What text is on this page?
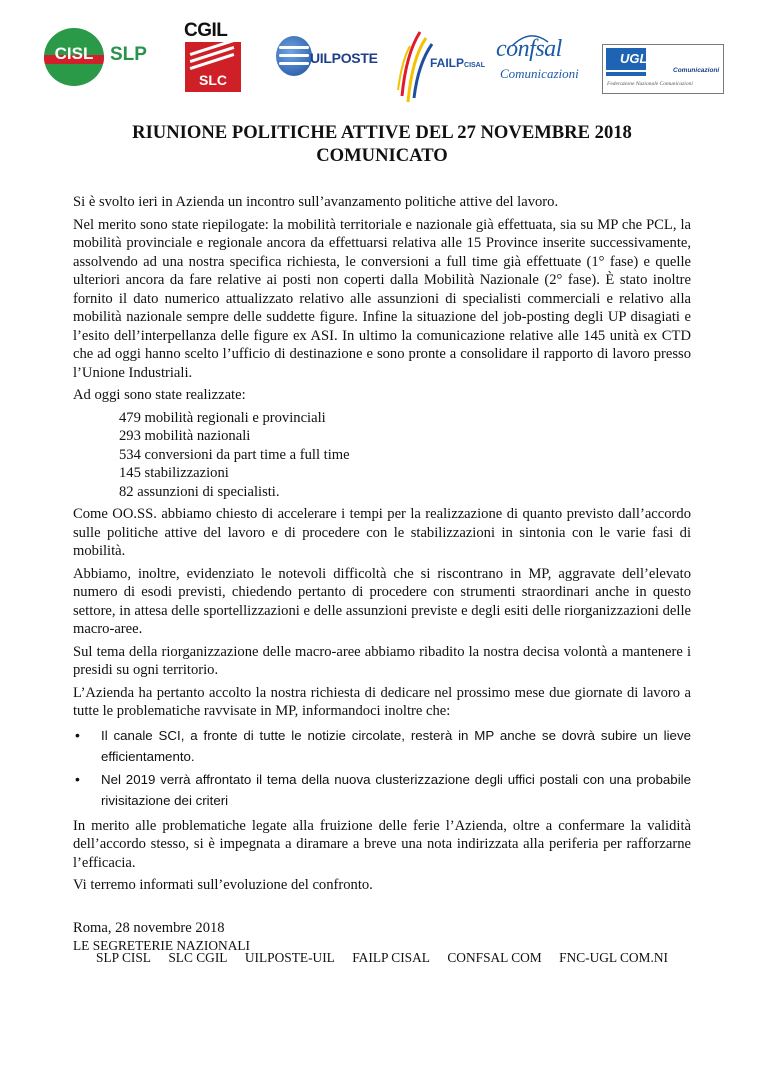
CISL SLP
CGIL
SLC
UILPOSTE	FAILPCISAL
confsal
Comunicazioni
UGL
Comunicazioni
Federazione Nazionale Comunicazioni
RIUNIONE POLITICHE ATTIVE DEL 27 NOVEMBRE 2018
COMUNICATO

Si è svolto ieri in Azienda un incontro sull’avanzamento politiche attive del lavoro.

Nel merito sono state riepilogate: la mobilità territoriale e nazionale già effettuata, sia su MP che PCL, la mobilità provinciale e regionale ancora da effettuarsi relativa alle 15 Province inserite successivamente, assolvendo ad una nostra specifica richiesta, le conversioni a full time già effettuate (1° fase) e quelle ulteriori ancora da fare relative ai posti non coperti dalla Mobilità Nazionale (2° fase). È stato inoltre fornito il dato numerico attualizzato relativo alle assunzioni di specialisti commerciali e relativo alla mobilità nazionale sempre delle suddette figure. Infine la situazione del job-posting degli UP disagiati e l’esito dell’interpellanza delle figure ex ASI. In ultimo la comunicazione relative alle 145 unità ex CTD che ad oggi hanno scelto l’ufficio di destinazione e sono pronte a consolidare il rapporto di lavoro presso l’Unione Industriali.

Ad oggi sono state realizzate:

479 mobilità regionali e provinciali
293 mobilità nazionali
534 conversioni da part time a full time
145 stabilizzazioni
82 assunzioni di specialisti.

Come OO.SS. abbiamo chiesto di accelerare i tempi per la realizzazione di quanto previsto dall’accordo sulle politiche attive del lavoro e di procedere con le stabilizzazioni in sintonia con le varie fasi di mobilità.

Abbiamo, inoltre, evidenziato le notevoli difficoltà che si riscontrano in MP, aggravate dell’elevato numero di esodi previsti, chiedendo pertanto di procedere con strumenti straordinari anche in questo settore, in attesa delle sportellizzazioni e delle assunzioni previste e degli esiti delle riorganizzazioni delle macro-aree.

Sul tema della riorganizzazione delle macro-aree abbiamo ribadito la nostra decisa volontà a mantenere i presidi su ogni territorio.

L’Azienda ha pertanto accolto la nostra richiesta di dedicare nel prossimo mese due giornate di lavoro a tutte le problematiche ravvisate in MP, informandoci inoltre che:

• Il canale SCI, a fronte di tutte le notizie circolate, resterà in MP anche se dovrà subire un lieve efficientamento.
• Nel 2019 verrà affrontato il tema della nuova clusterizzazione degli uffici postali con una probabile rivisitazione dei criteri

In merito alle problematiche legate alla fruizione delle ferie l’Azienda, oltre a confermare la validità dell’accordo stesso, si è impegnata a diramare a breve una nota indirizzata alla periferia per rafforzarne l’efficacia.

Vi terremo informati sull’evoluzione del confronto.

Roma, 28 novembre 2018

LE SEGRETERIE NAZIONALI

SLP CISL SLC CGIL UILPOSTE-UIL FAILP CISAL CONFSAL COM FNC-UGL COM.NI
